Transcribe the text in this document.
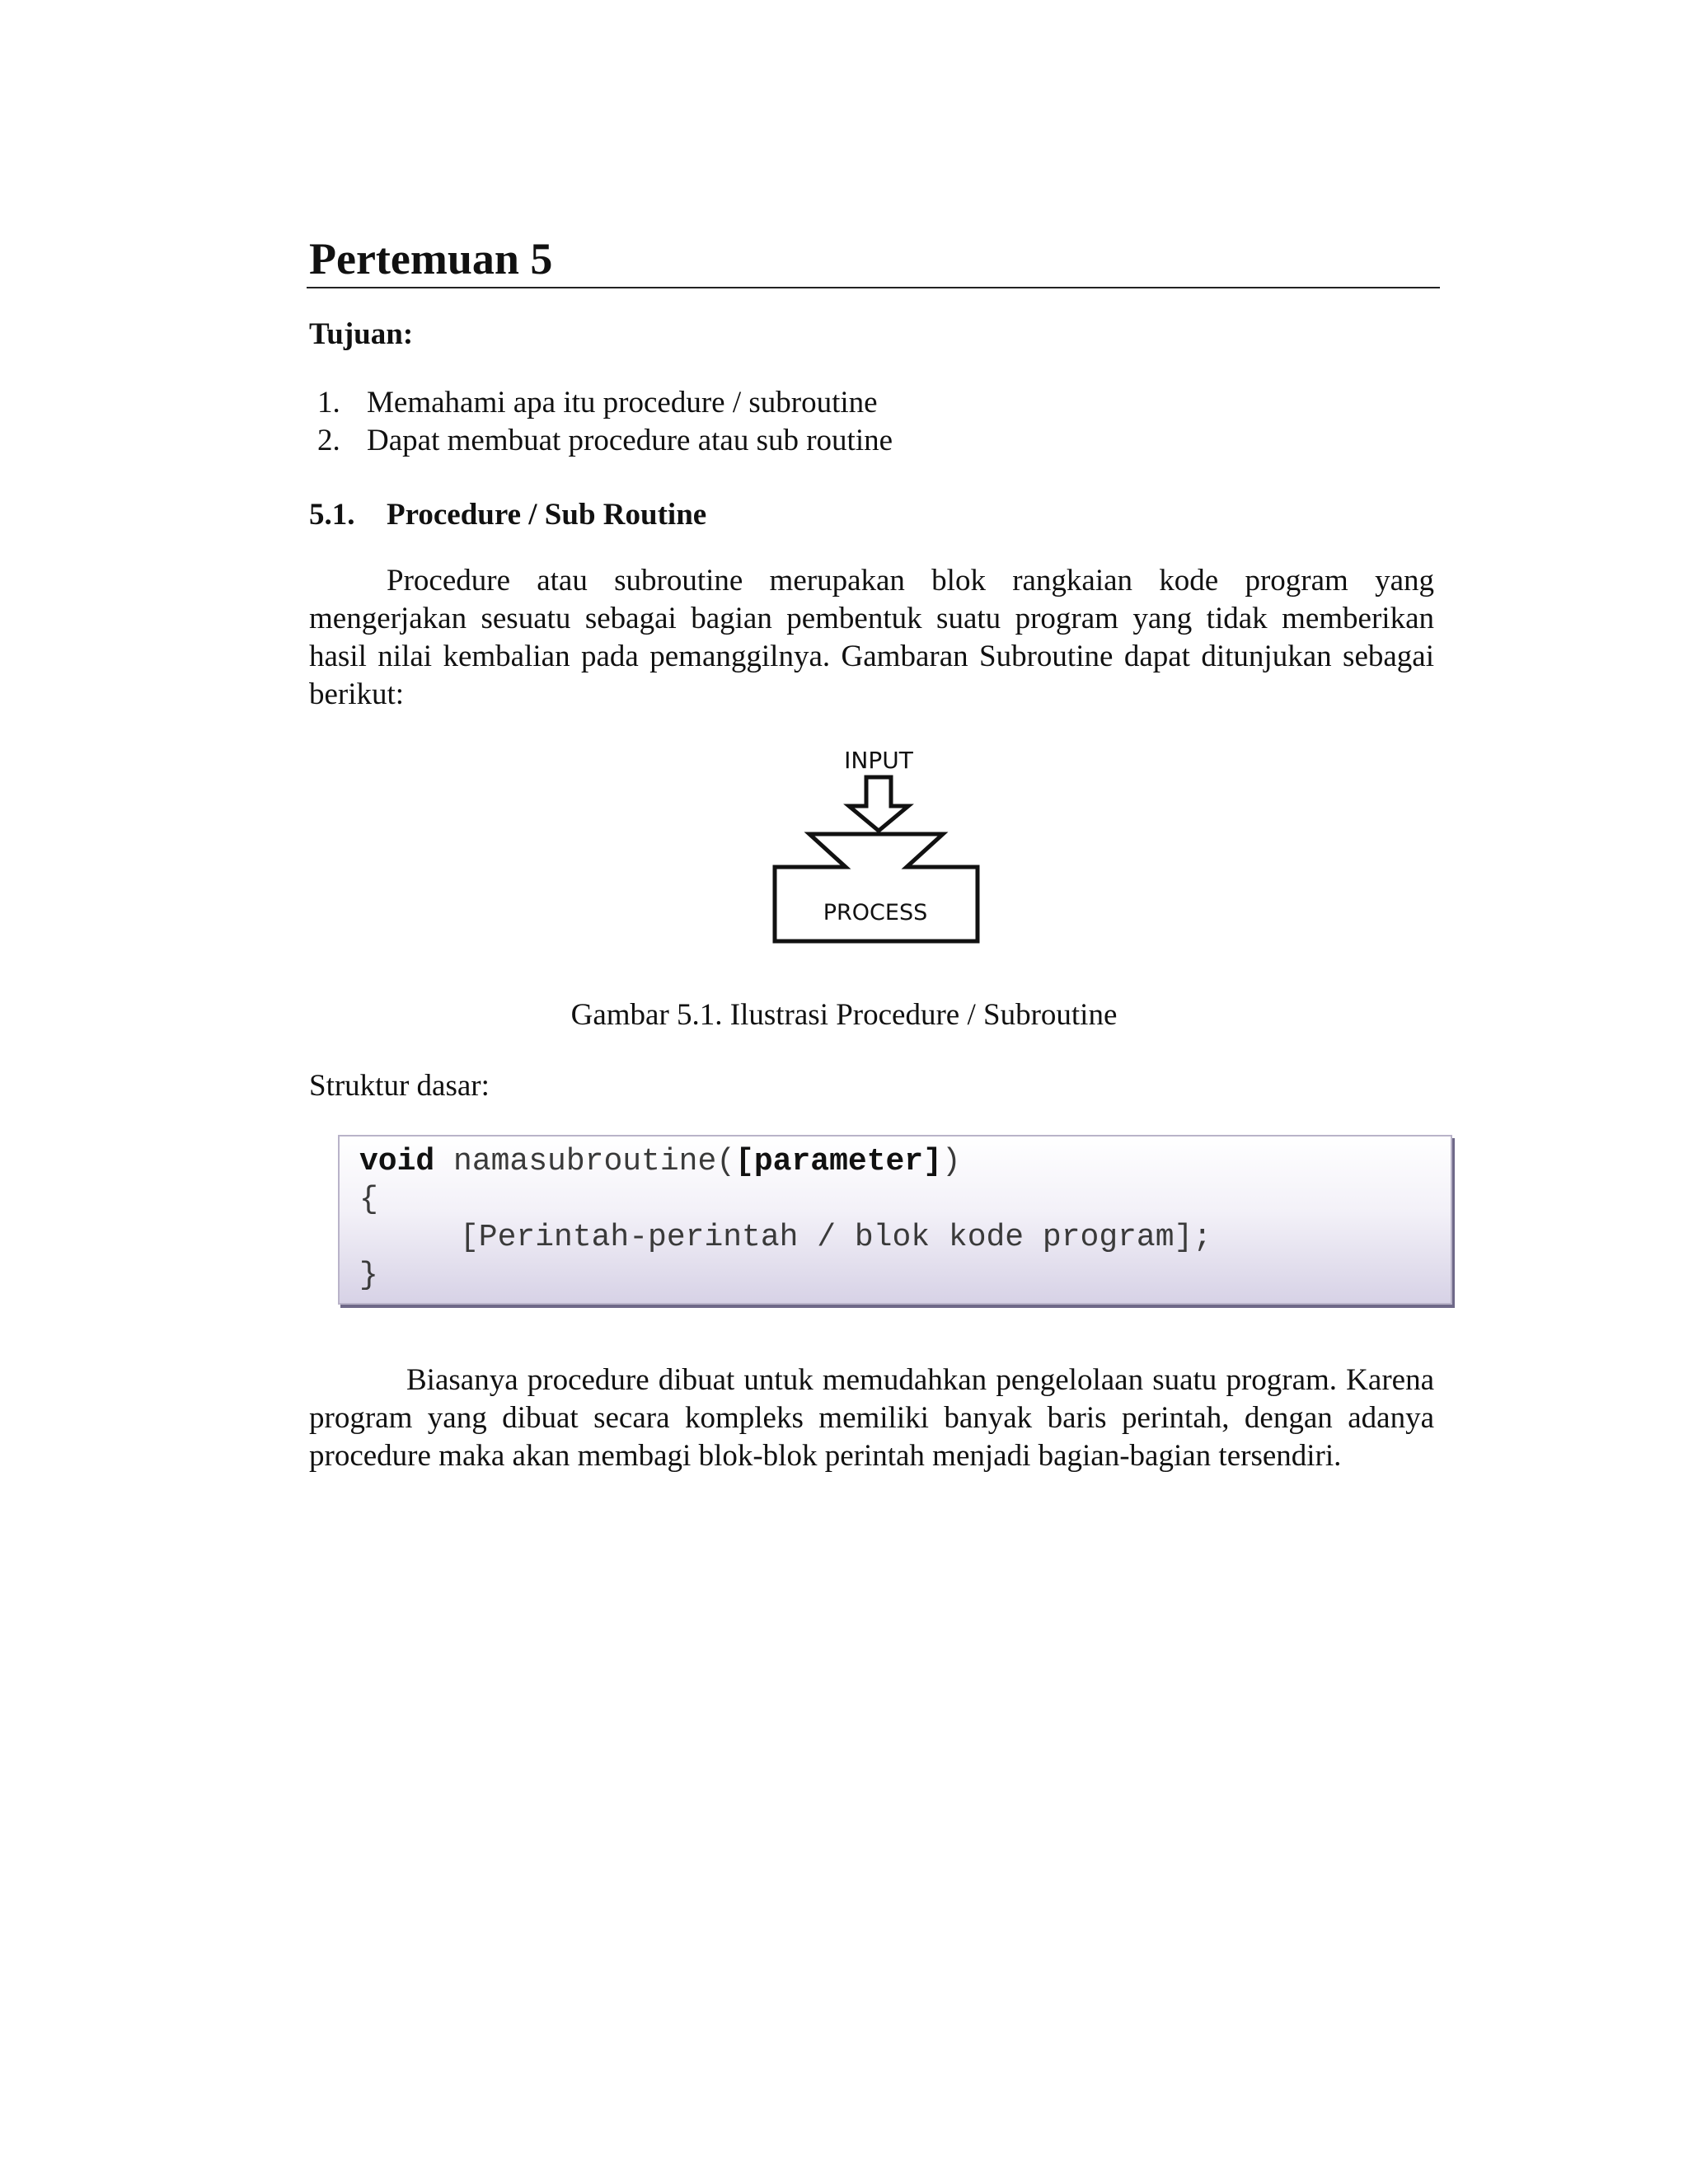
Pertemuan 5
Tujuan:
1. Memahami apa itu procedure / subroutine
2. Dapat membuat procedure atau sub routine
5.1. Procedure / Sub Routine

Procedure atau subroutine merupakan blok rangkaian kode program yang mengerjakan sesuatu sebagai bagian pembentuk suatu program yang tidak memberikan hasil nilai kembalian pada pemanggilnya. Gambaran Subroutine dapat ditunjukan sebagai berikut:

INPUT
PROCESS
Gambar 5.1. Ilustrasi Procedure / Subroutine
Struktur dasar:
void namasubroutine([parameter])
{
[Perintah-perintah / blok kode program];
}

Biasanya procedure dibuat untuk memudahkan pengelolaan suatu program. Karena program yang dibuat secara kompleks memiliki banyak baris perintah, dengan adanya procedure maka akan membagi blok-blok perintah menjadi bagian-bagian tersendiri.
